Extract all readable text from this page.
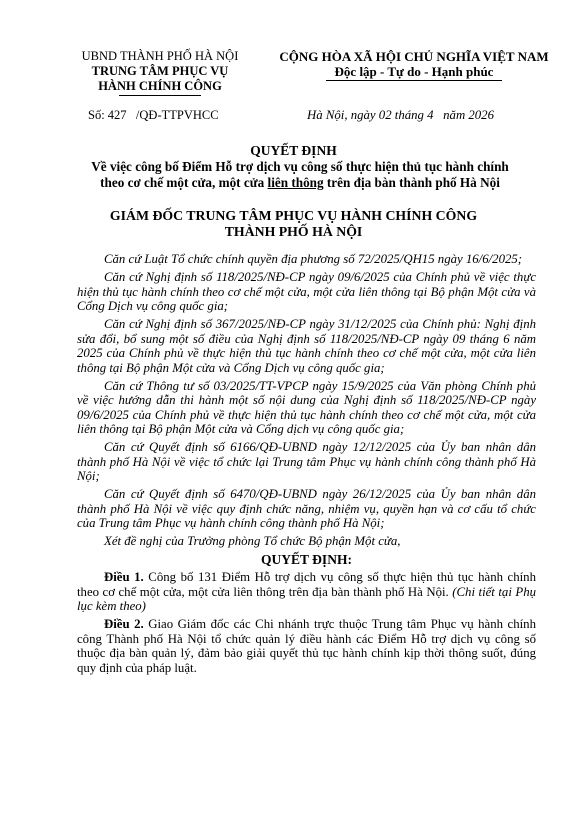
UBND THÀNH PHỐ HÀ NỘI
TRUNG TÂM PHỤC VỤ
HÀNH CHÍNH CÔNG
CỘNG HÒA XÃ HỘI CHỦ NGHĨA VIỆT NAM
Độc lập - Tự do - Hạnh phúc
Số: 427   /QĐ-TTPVHCC	Hà Nội, ngày 02 tháng 4   năm 2026
QUYẾT ĐỊNH
Về việc công bố Điểm Hỗ trợ dịch vụ công số thực hiện thủ tục hành chính
theo cơ chế một cửa, một cửa liên thông trên địa bàn thành phố Hà Nội
GIÁM ĐỐC TRUNG TÂM PHỤC VỤ HÀNH CHÍNH CÔNG
THÀNH PHỐ HÀ NỘI

Căn cứ Luật Tổ chức chính quyền địa phương số 72/2025/QH15 ngày 16/6/2025;

Căn cứ Nghị định số 118/2025/NĐ-CP ngày 09/6/2025 của Chính phủ về việc thực hiện thủ tục hành chính theo cơ chế một cửa, một cửa liên thông tại Bộ phận Một cửa và Cổng Dịch vụ công quốc gia;

Căn cứ Nghị định số 367/2025/NĐ-CP ngày 31/12/2025 của Chính phủ: Nghị định sửa đổi, bổ sung một số điều của Nghị định số 118/2025/NĐ-CP ngày 09 tháng 6 năm 2025 của Chính phủ về thực hiện thủ tục hành chính theo cơ chế một cửa, một cửa liên thông tại Bộ phận Một cửa và Cổng Dịch vụ công quốc gia;

Căn cứ Thông tư số 03/2025/TT-VPCP ngày 15/9/2025 của Văn phòng Chính phủ về việc hướng dẫn thi hành một số nội dung của Nghị định số 118/2025/NĐ-CP ngày 09/6/2025 của Chính phủ về thực hiện thủ tục hành chính theo cơ chế một cửa, một cửa liên thông tại Bộ phận Một cửa và Cổng dịch vụ công quốc gia;

Căn cứ Quyết định số 6166/QĐ-UBND ngày 12/12/2025 của Ủy ban nhân dân thành phố Hà Nội về việc tổ chức lại Trung tâm Phục vụ hành chính công thành phố Hà Nội;

Căn cứ Quyết định số 6470/QĐ-UBND ngày 26/12/2025 của Ủy ban nhân dân thành phố Hà Nội về việc quy định chức năng, nhiệm vụ, quyền hạn và cơ cấu tổ chức của Trung tâm Phục vụ hành chính công thành phố Hà Nội;

Xét đề nghị của Trưởng phòng Tổ chức Bộ phận Một cửa,

QUYẾT ĐỊNH:

Điều 1. Công bố 131 Điểm Hỗ trợ dịch vụ công số thực hiện thủ tục hành chính theo cơ chế một cửa, một cửa liên thông trên địa bàn thành phố Hà Nội. (Chi tiết tại Phụ lục kèm theo)

Điều 2. Giao Giám đốc các Chi nhánh trực thuộc Trung tâm Phục vụ hành chính công Thành phố Hà Nội tổ chức quản lý điều hành các Điểm Hỗ trợ dịch vụ công số thuộc địa bàn quản lý, đảm bảo giải quyết thủ tục hành chính kịp thời thông suốt, đúng quy định của pháp luật.
